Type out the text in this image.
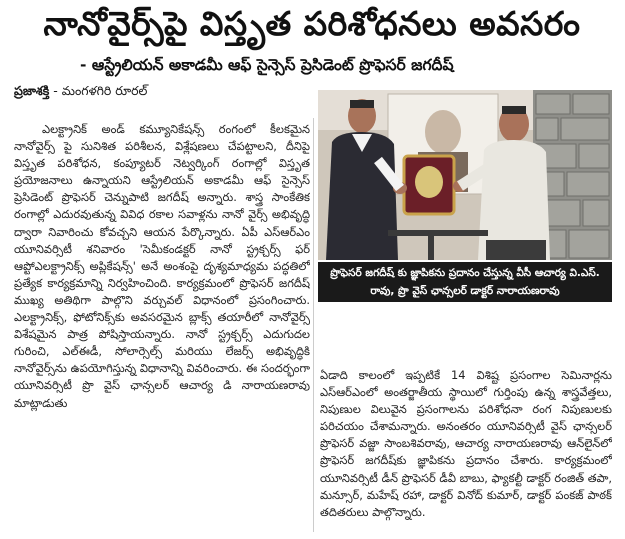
నానోవైర్స్‌పై విస్తృత పరిశోధనలు అవసరం
- ఆస్ట్రేలియన్ అకాడమీ ఆఫ్ సైన్సెస్ ప్రెసిడెంట్ ప్రొఫెసర్ జగదీష్
ప్రజాశక్తి - మంగళగిరి రూరల్

ఎలక్ట్రానిక్ అండ్ కమ్యూనికేషన్స్ రంగంలో కీలకమైన నానోవైర్స్ పై సునిశిత పరిశీలన, విశ్లేషణలు చేపట్టాలని, దీనిపై విస్తృత పరిశోధన, కంప్యూటర్ నెట్వర్కింగ్ రంగాల్లో విస్తృత ప్రయోజనాలు ఉన్నాయని ఆస్ట్రేలియన్ అకాడమీ ఆఫ్ సైన్సెస్ ప్రెసిడెంట్ ప్రొఫెసర్ చెన్నుపాటి జగదీష్ అన్నారు. శాస్త్ర సాంకేతిక రంగాల్లో ఎదురవుతున్న వివిధ రకాల సవాళ్లను నానో వైర్స్ అభివృద్ధి ద్వారా నివారించు కోవచ్చని ఆయన పేర్కొన్నారు. ఏపీ ఎస్ఆర్ఎం యూనివర్సిటీ శనివారం 'సెమీకండక్టర్ నానో స్ట్రక్చర్స్ ఫర్ ఆప్టోఎలక్ట్రానిక్స్ అప్లికేషన్స్' అనే అంశంపై దృశ్యమాధ్యమ పద్ధతిలో ప్రత్యేక కార్యక్రమాన్ని నిర్వహించింది. కార్యక్రమంలో ప్రొఫెసర్ జగదీష్ ముఖ్య అతిథిగా పాల్గొని వర్చువల్ విధానంలో ప్రసంగించారు. ఎలక్ట్రానిక్స్, ఫోటోనిక్స్‌కు అవసరమైన బ్లాక్స్ తయారీలో నానోవైర్స్ విశేషమైన పాత్ర పోషిస్తాయన్నారు. నానో స్ట్రక్చర్స్ ఎదుగుదల గురించి, ఎల్ఈడీ, సోలార్సెల్స్ మరియు లేజర్స్ అభివృద్ధికి నానోవైర్స్‌ను ఉపయోగిస్తున్న విధానాన్ని వివరించారు. ఈ సందర్భంగా యూనివర్సిటీ ప్రొ వైస్ ఛాన్సలర్ ఆచార్య డి నారాయణరావు మాట్లాడుతు

ప్రొఫెసర్ జగదీష్ కు జ్ఞాపికను ప్రదానం చేస్తున్న వీసీ ఆచార్య వి.ఎస్.
రావు, ప్రొ వైస్ ఛాన్సలర్ డాక్టర్ నారాయణరావు

ఏడాది కాలంలో ఇప్పటికే 14 విశిష్ట ప్రసంగాల సెమినార్లను ఎస్ఆర్ఎంలో అంతర్జాతీయ స్థాయిలో గుర్తింపు ఉన్న శాస్త్రవేత్తలు, నిపుణుల విలువైన ప్రసంగాలను పరిశోధనా రంగ నిపుణులకు పరిచయం చేశామన్నారు. అనంతరం యూనివర్సిటీ వైస్ ఛాన్సలర్ ప్రొఫెసర్ వజ్జా సాంబశివరావు, ఆచార్య నారాయణరావు ఆన్‌లైన్‌లో ప్రొఫెసర్ జగదీష్‌కు జ్ఞాపికను ప్రదానం చేశారు. కార్యక్రమంలో యూనివర్సిటీ డీన్ ప్రొఫెసర్ డీవీ బాబు, ఫ్యాకల్టీ డాక్టర్ రంజిత్ తపా, మన్సూర్, మహేష్ రహా, డాక్టర్ వినోద్ కుమార్, డాక్టర్ పంకజ్ పాఠక్ తదితరులు పాల్గొన్నారు.
